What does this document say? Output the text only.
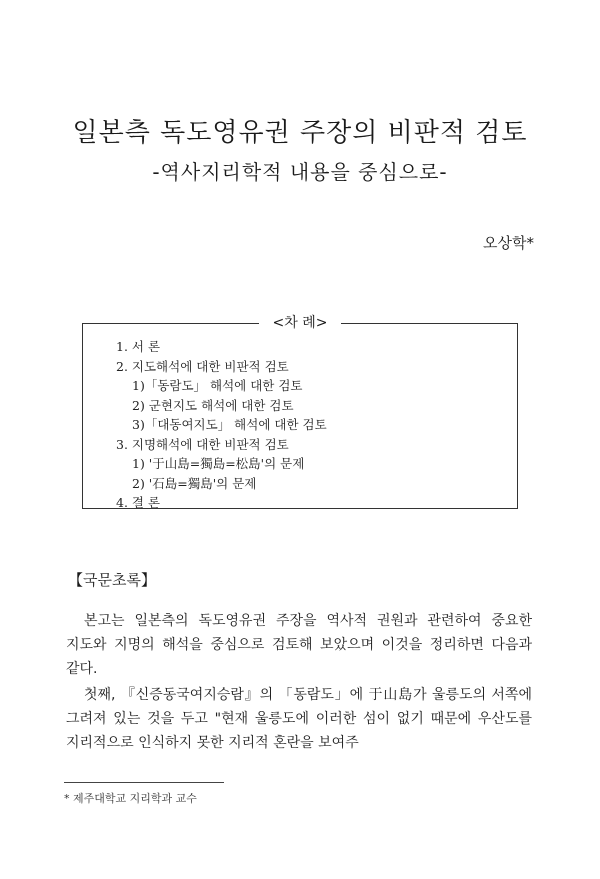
일본측 독도영유권 주장의 비판적 검토
-역사지리학적 내용을 중심으로-
오상학*
<차 례>
1. 서 론
2. 지도해석에 대한 비판적 검토
1)「동람도」 해석에 대한 검토
2) 군현지도 해석에 대한 검토
3)「대동여지도」 해석에 대한 검토
3. 지명해석에 대한 비판적 검토
1) '于山島=獨島=松島'의 문제
2) '石島=獨島'의 문제
4. 결 론
【국문초록】

본고는 일본측의 독도영유권 주장을 역사적 권원과 관련하여 중요한 지도와 지명의 해석을 중심으로 검토해 보았으며 이것을 정리하면 다음과 같다.

첫째, 『신증동국여지승람』의 「동람도」에 于山島가 울릉도의 서쪽에 그려져 있는 것을 두고 "현재 울릉도에 이러한 섬이 없기 때문에 우산도를 지리적으로 인식하지 못한 지리적 혼란을 보여주

* 제주대학교 지리학과 교수
